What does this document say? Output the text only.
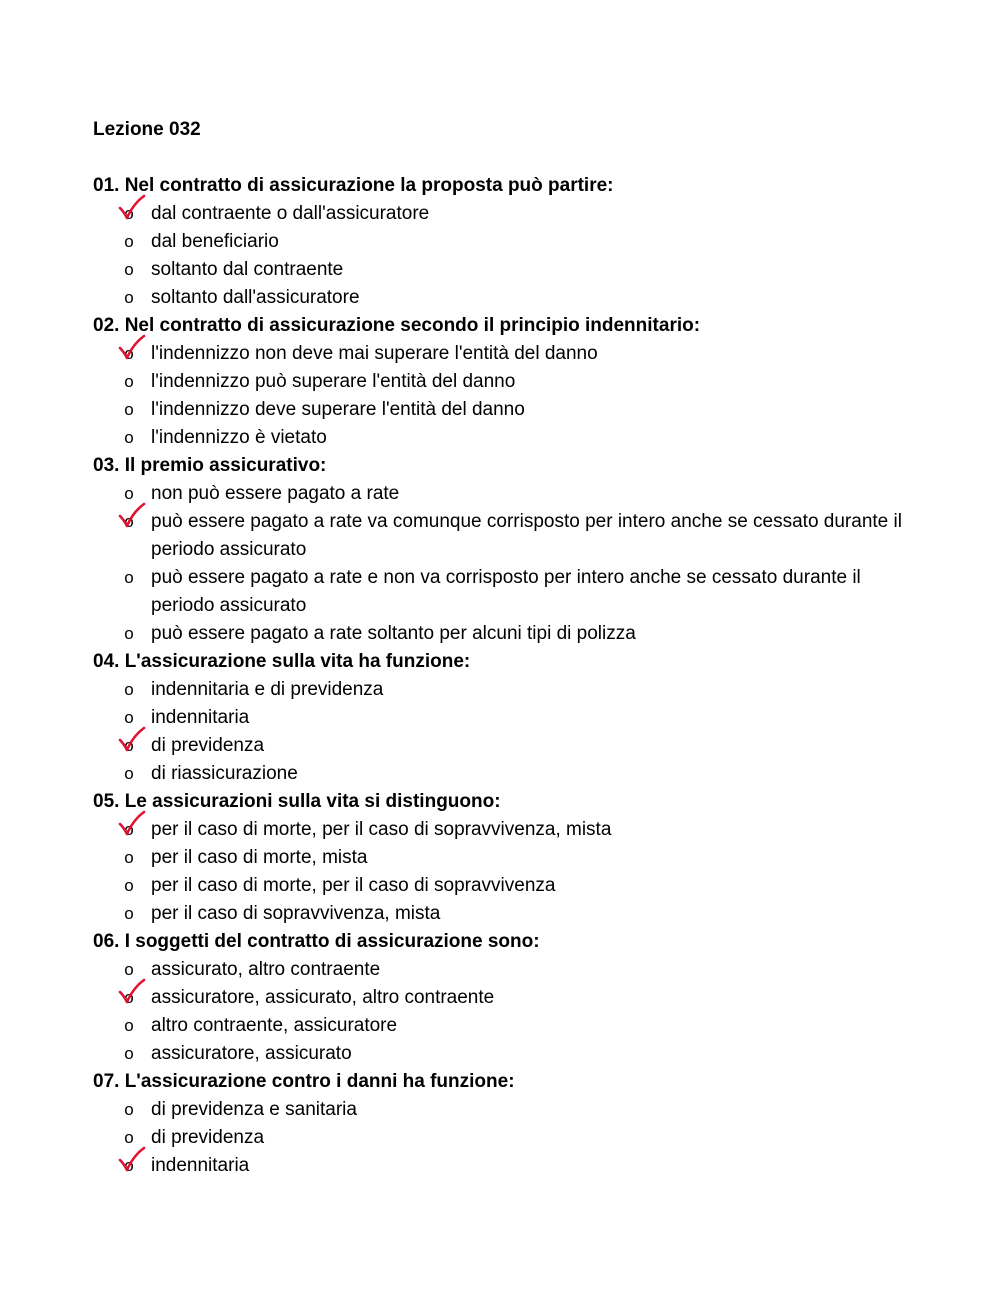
Lezione 032
01. Nel contratto di assicurazione la proposta può partire:
o dal contraente o dall'assicuratore
o dal beneficiario
o soltanto dal contraente
o soltanto dall'assicuratore
02. Nel contratto di assicurazione secondo il principio indennitario:
o l'indennizzo non deve mai superare l'entità del danno
o l'indennizzo può superare l'entità del danno
o l'indennizzo deve superare l'entità del danno
o l'indennizzo è vietato
03. Il premio assicurativo:
o non può essere pagato a rate
o può essere pagato a rate va comunque corrisposto per intero anche se cessato durante il periodo assicurato
o può essere pagato a rate e non va corrisposto per intero anche se cessato durante il periodo assicurato
o può essere pagato a rate soltanto per alcuni tipi di polizza
04. L'assicurazione sulla vita ha funzione:
o indennitaria e di previdenza
o indennitaria
o di previdenza
o di riassicurazione
05. Le assicurazioni sulla vita si distinguono:
o per il caso di morte, per il caso di sopravvivenza, mista
o per il caso di morte, mista
o per il caso di morte, per il caso di sopravvivenza
o per il caso di sopravvivenza, mista
06. I soggetti del contratto di assicurazione sono:
o assicurato, altro contraente
o assicuratore, assicurato, altro contraente
o altro contraente, assicuratore
o assicuratore, assicurato
07. L'assicurazione contro i danni ha funzione:
o di previdenza e sanitaria
o di previdenza
o indennitaria
